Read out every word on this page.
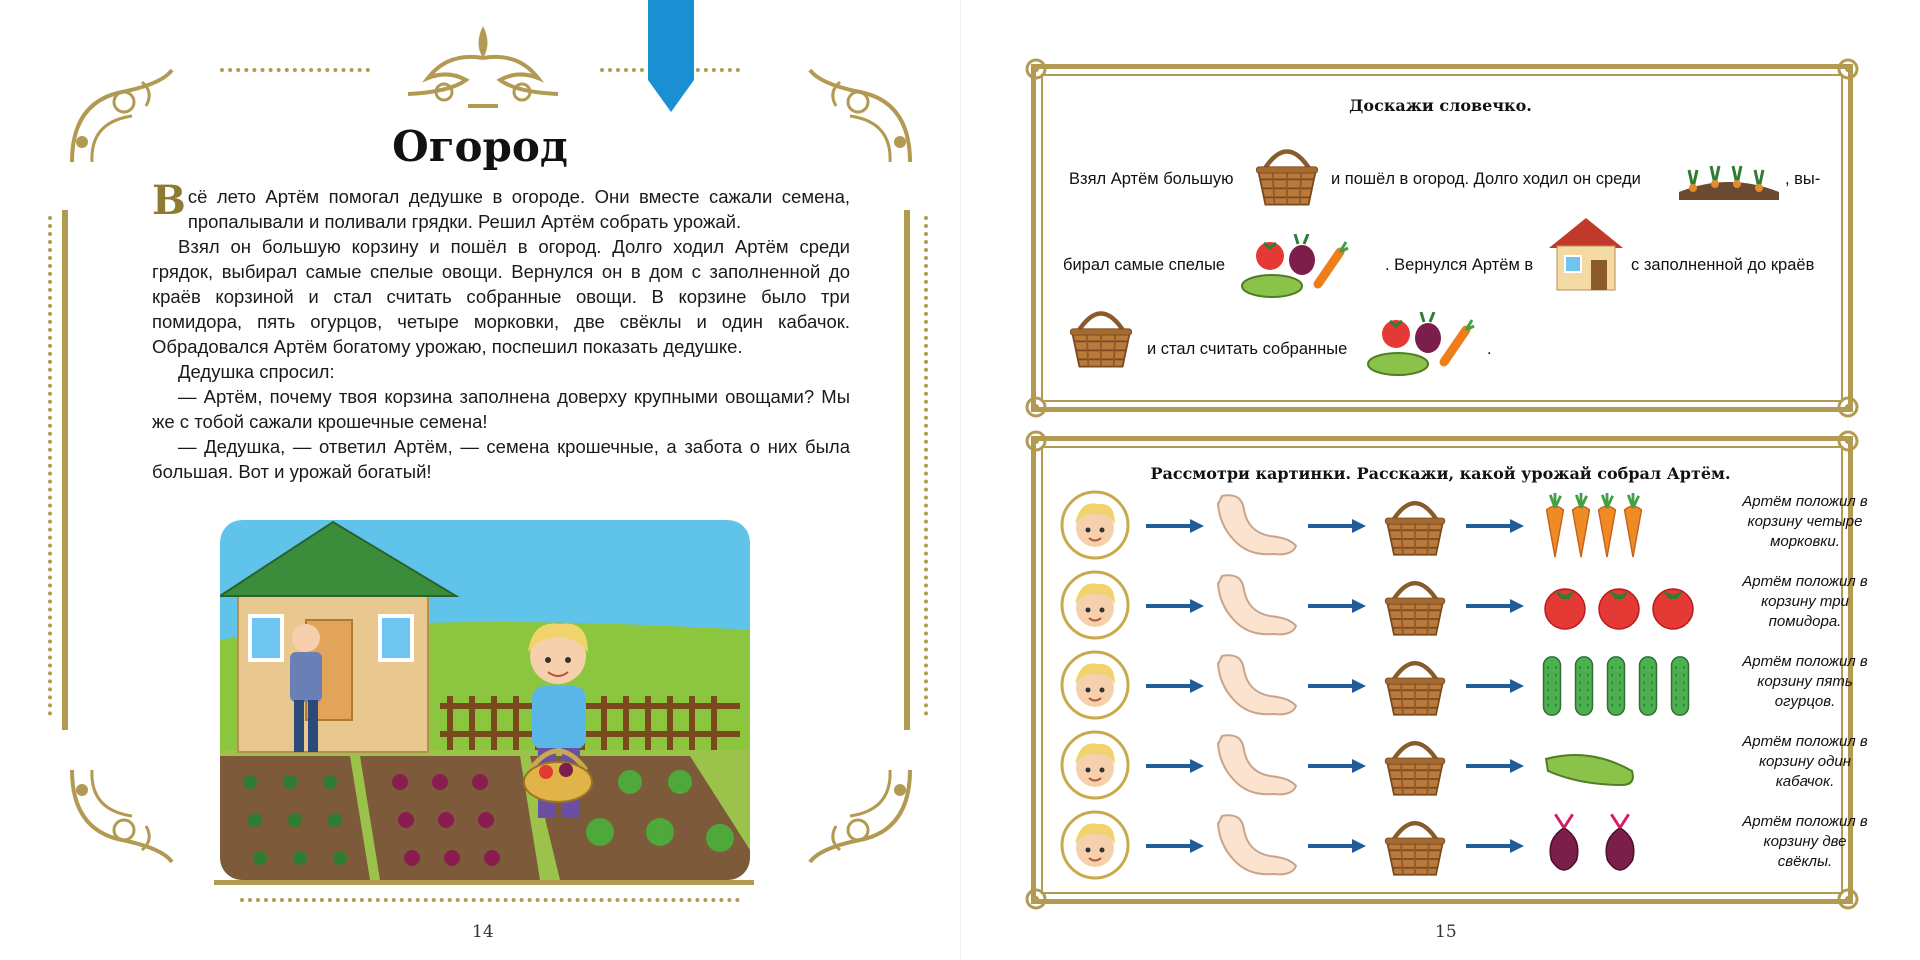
Огород

Всё лето Артём помогал дедушке в огороде. Они вместе сажали семена, пропалывали и поливали грядки. Решил Артём собрать урожай.

Взял он большую корзину и пошёл в огород. Долго ходил Артём среди грядок, выбирал самые спелые овощи. Вернулся он в дом с заполненной до краёв корзиной и стал считать собранные овощи. В корзине было три помидора, пять огурцов, четыре морковки, две свёклы и один кабачок. Обрадовался Артём богатому урожаю, поспешил показать дедушке.

Дедушка спросил:

— Артём, почему твоя корзина заполнена доверху крупными овощами? Мы же с тобой сажали крошечные семена!

— Дедушка, — ответил Артём, — семена крошечные, а забота о них была большая. Вот и урожай богатый!

14
Доскажи словечко.
Взял Артём большую	и пошёл в огород. Долго ходил он среди	, вы-
бирал самые спелые	. Вернулся Артём в	с заполненной до краёв
и стал считать собранные	.
Рассмотри картинки. Расскажи, какой урожай собрал Артём.
15
Артём положил в корзину четыре морковки.
Артём положил в корзину три помидора.
Артём положил в корзину пять огурцов.
Артём положил в корзину один кабачок.
Артём положил в корзину две свёклы.
